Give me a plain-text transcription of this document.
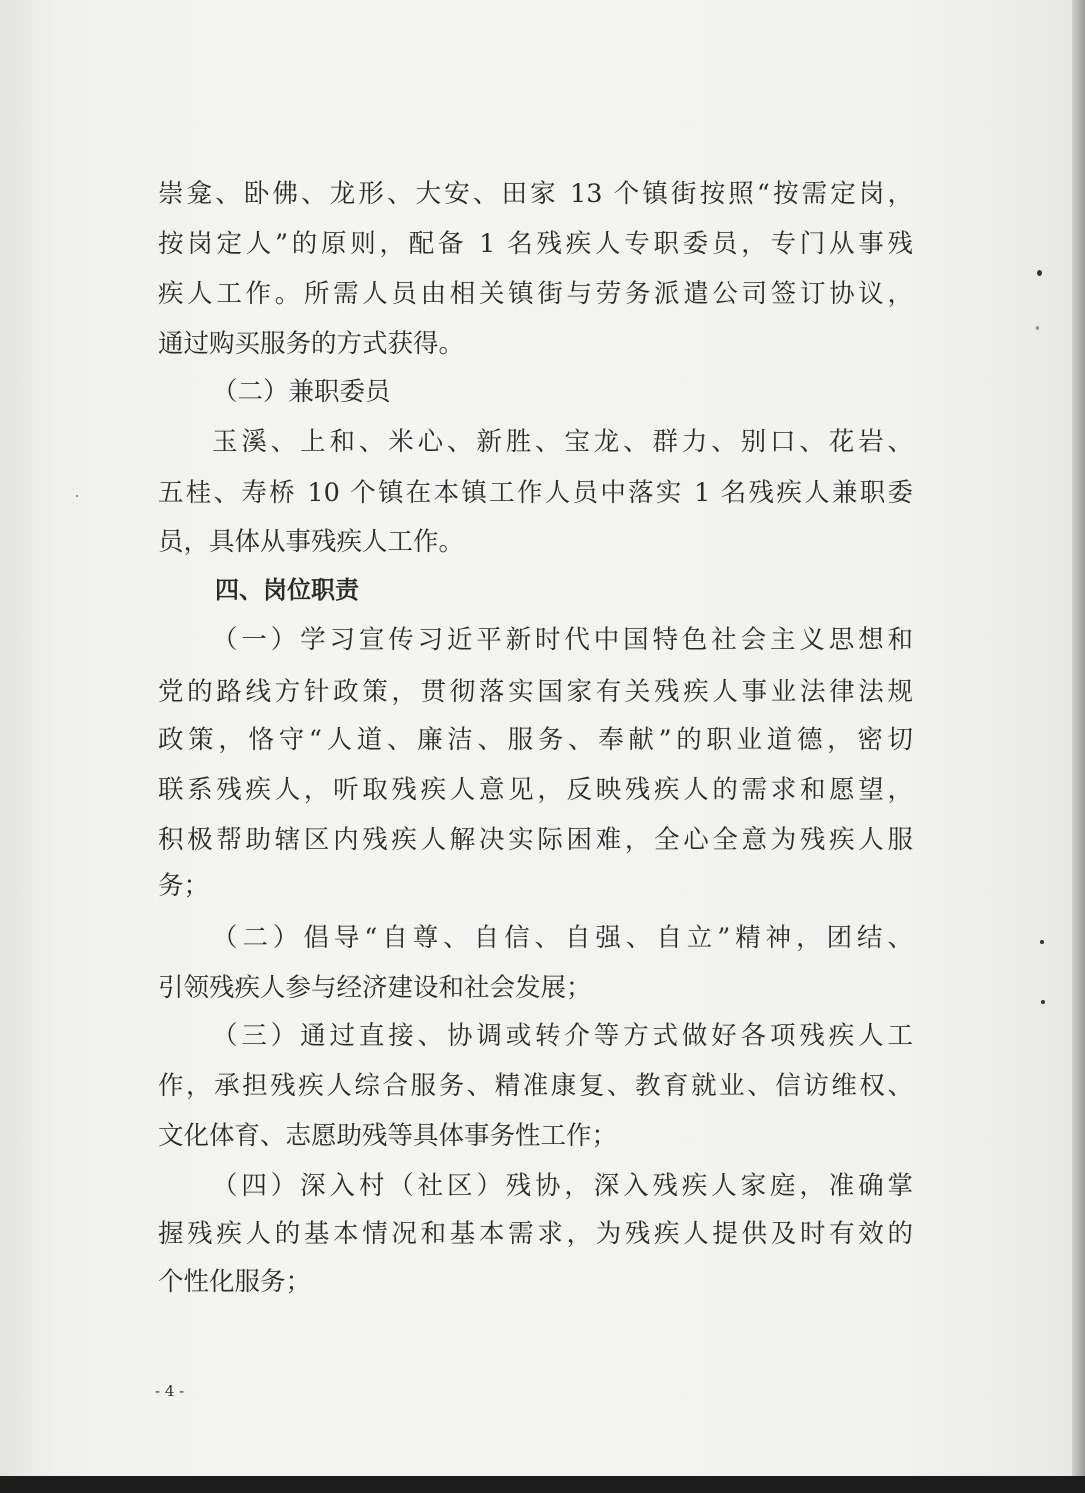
崇龛、卧佛、龙形、大安、田家 13 个镇街按照“按需定岗，
按岗定人”的原则，配备 1 名残疾人专职委员，专门从事残
疾人工作。所需人员由相关镇街与劳务派遣公司签订协议，
通过购买服务的方式获得。
（二）兼职委员
玉溪、上和、米心、新胜、宝龙、群力、别口、花岩、
五桂、寿桥 10 个镇在本镇工作人员中落实 1 名残疾人兼职委
员，具体从事残疾人工作。
四、岗位职责
（一）学习宣传习近平新时代中国特色社会主义思想和
党的路线方针政策，贯彻落实国家有关残疾人事业法律法规
政策，恪守“人道、廉洁、服务、奉献”的职业道德，密切
联系残疾人，听取残疾人意见，反映残疾人的需求和愿望，
积极帮助辖区内残疾人解决实际困难，全心全意为残疾人服
务；
（二）倡导“自尊、自信、自强、自立”精神，团结、
引领残疾人参与经济建设和社会发展；
（三）通过直接、协调或转介等方式做好各项残疾人工
作，承担残疾人综合服务、精准康复、教育就业、信访维权、
文化体育、志愿助残等具体事务性工作；
（四）深入村（社区）残协，深入残疾人家庭，准确掌
握残疾人的基本情况和基本需求，为残疾人提供及时有效的
个性化服务；
- 4 -
